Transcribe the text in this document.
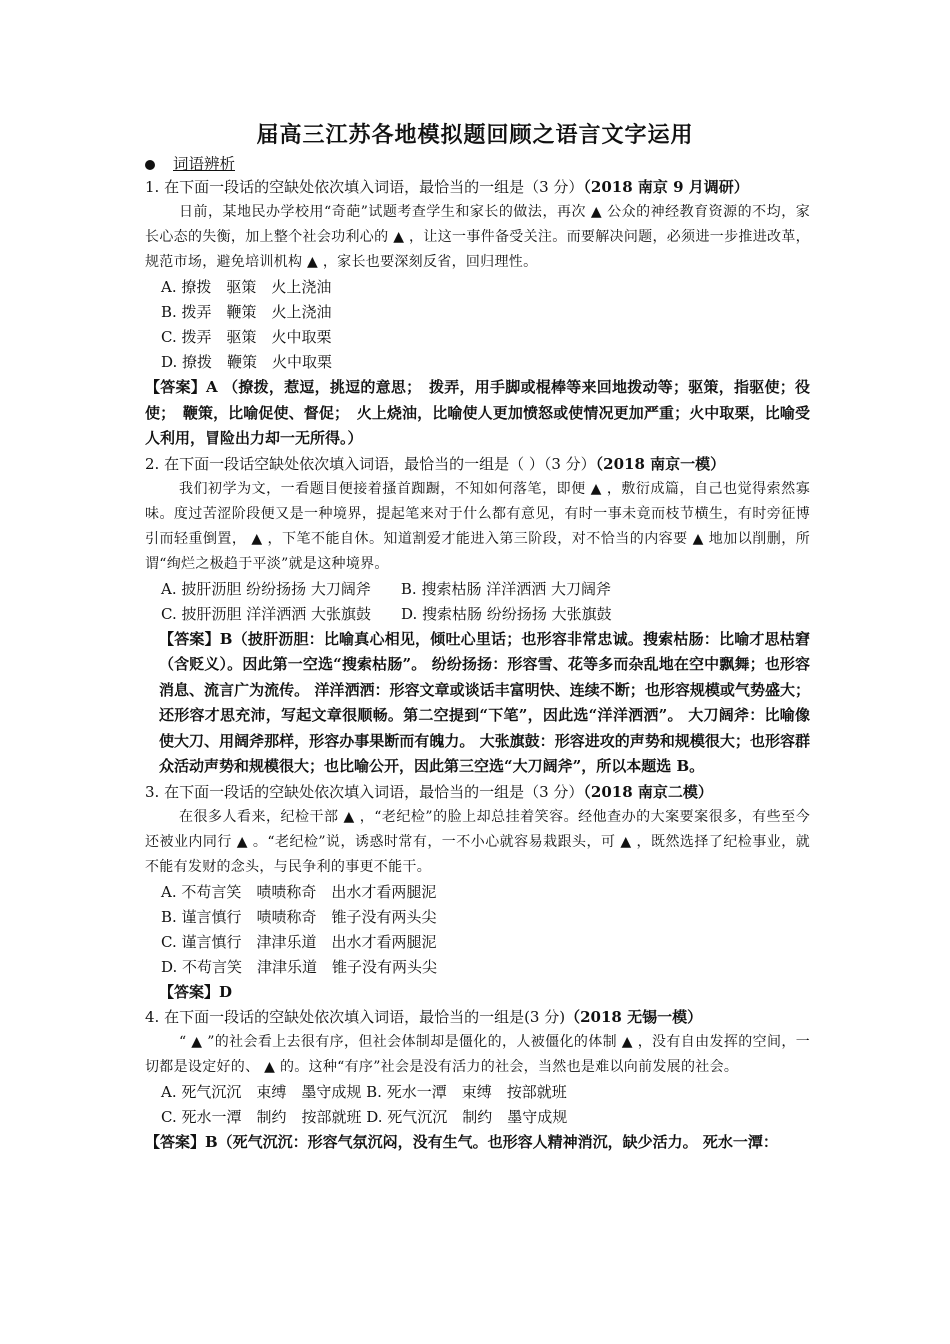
届高三江苏各地模拟题回顾之语言文字运用
词语辨析

1. 在下面一段话的空缺处依次填入词语，最恰当的一组是（3 分）（2018 南京 9 月调研）

日前，某地民办学校用“奇葩”试题考查学生和家长的做法，再次 ▲ 公众的神经教育资源的不均，家长心态的失衡，加上整个社会功利心的 ▲ ，让这一事件备受关注。而要解决问题，必须进一步推进改革，规范市场，避免培训机构 ▲ ，家长也要深刻反省，回归理性。

A. 撩拨　驱策　火上浇油

B. 拨弄　鞭策　火上浇油

C. 拨弄　驱策　火中取栗

D. 撩拨　鞭策　火中取栗

【答案】A （撩拨，惹逗，挑逗的意思；　拨弄，用手脚或棍棒等来回地拨动等；驱策，指驱使；役使；　鞭策，比喻促使、督促；　火上烧油，比喻使人更加愤怒或使情况更加严重；火中取栗，比喻受人利用，冒险出力却一无所得。）

2. 在下面一段话空缺处依次填入词语，最恰当的一组是（ ）（3 分）（2018 南京一模）

我们初学为文，一看题目便接着搔首踟蹰，不知如何落笔，即便 ▲ ，敷衍成篇，自己也觉得索然寡味。度过苦涩阶段便又是一种境界，提起笔来对于什么都有意见，有时一事未竟而枝节横生，有时旁征博引而轻重倒置， ▲ ，下笔不能自休。知道割爱才能进入第三阶段，对不恰当的内容要 ▲ 地加以削删，所谓“绚烂之极趋于平淡”就是这种境界。

A. 披肝沥胆 纷纷扬扬 大刀阔斧　　B. 搜索枯肠 洋洋洒洒 大刀阔斧

C. 披肝沥胆 洋洋洒洒 大张旗鼓　　D. 搜索枯肠 纷纷扬扬 大张旗鼓

【答案】B（披肝沥胆：比喻真心相见，倾吐心里话；也形容非常忠诚。搜索枯肠：比喻才思枯窘（含贬义）。因此第一空选“搜索枯肠”。 纷纷扬扬：形容雪、花等多而杂乱地在空中飘舞；也形容消息、流言广为流传。 洋洋洒洒：形容文章或谈话丰富明快、连续不断；也形容规模或气势盛大；还形容才思充沛，写起文章很顺畅。第二空提到“下笔”，因此选“洋洋洒洒”。 大刀阔斧：比喻像使大刀、用阔斧那样，形容办事果断而有魄力。 大张旗鼓：形容进攻的声势和规模很大；也形容群众活动声势和规模很大；也比喻公开，因此第三空选“大刀阔斧”，所以本题选 B。

3. 在下面一段话的空缺处依次填入词语，最恰当的一组是（3 分）（2018 南京二模）

在很多人看来，纪检干部 ▲ ，“老纪检”的脸上却总挂着笑容。经他查办的大案要案很多，有些至今还被业内同行 ▲ 。“老纪检”说，诱惑时常有，一不小心就容易栽跟头，可 ▲ ，既然选择了纪检事业，就不能有发财的念头，与民争利的事更不能干。

A. 不苟言笑　啧啧称奇　出水才看两腿泥

B. 谨言慎行　啧啧称奇　锥子没有两头尖

C. 谨言慎行　津津乐道　出水才看两腿泥

D. 不苟言笑　津津乐道　锥子没有两头尖

【答案】D

4. 在下面一段话的空缺处依次填入词语，最恰当的一组是(3 分)（2018 无锡一模）

“ ▲ ”的社会看上去很有序，但社会体制却是僵化的，人被僵化的体制 ▲ ，没有自由发挥的空间，一切都是设定好的、 ▲ 的。这种“有序”社会是没有活力的社会，当然也是难以向前发展的社会。

A. 死气沉沉　束缚　墨守成规 B. 死水一潭　束缚　按部就班

C. 死水一潭　制约　按部就班 D. 死气沉沉　制约　墨守成规

【答案】B（死气沉沉：形容气氛沉闷，没有生气。也形容人精神消沉，缺少活力。 死水一潭：
